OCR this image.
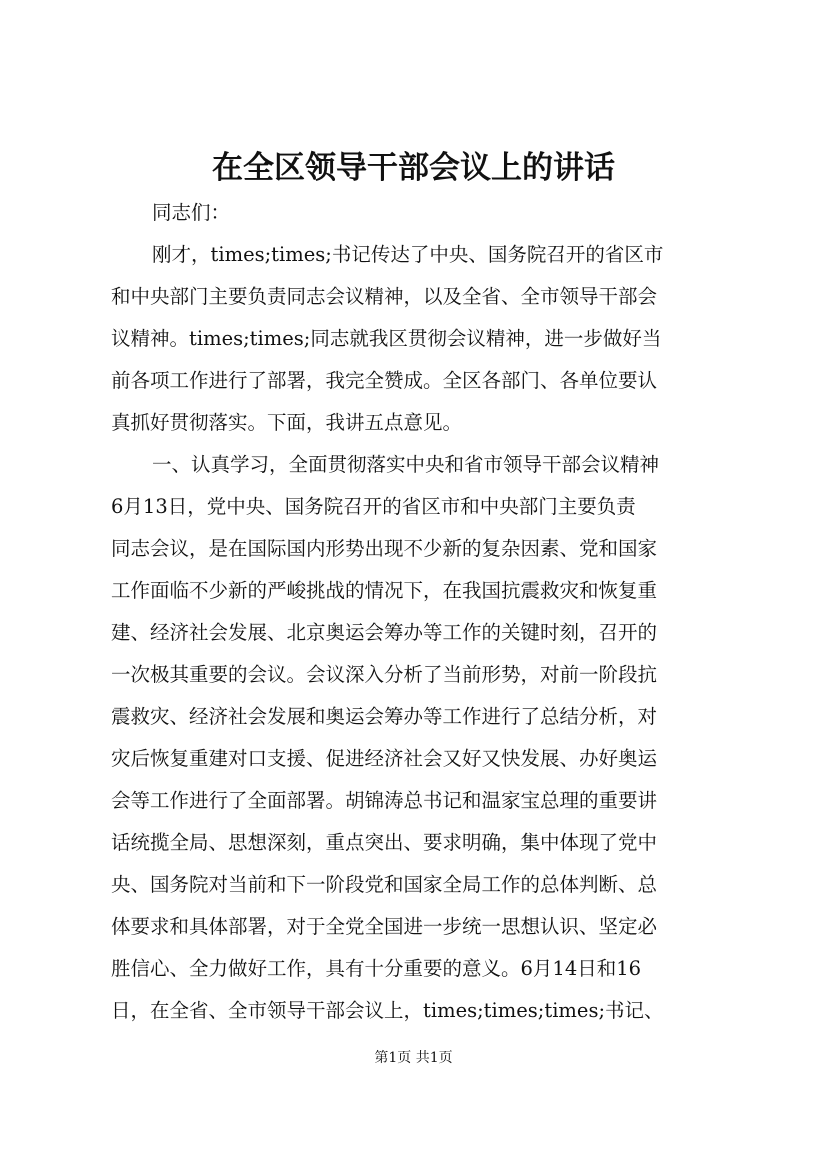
在全区领导干部会议上的讲话

同志们：

刚才，times;times;书记传达了中央、国务院召开的省区市

和中央部门主要负责同志会议精神，以及全省、全市领导干部会

议精神。times;times;同志就我区贯彻会议精神，进一步做好当

前各项工作进行了部署，我完全赞成。全区各部门、各单位要认

真抓好贯彻落实。下面，我讲五点意见。

一、认真学习，全面贯彻落实中央和省市领导干部会议精神

6月13日，党中央、国务院召开的省区市和中央部门主要负责

同志会议，是在国际国内形势出现不少新的复杂因素、党和国家

工作面临不少新的严峻挑战的情况下，在我国抗震救灾和恢复重

建、经济社会发展、北京奥运会筹办等工作的关键时刻，召开的

一次极其重要的会议。会议深入分析了当前形势，对前一阶段抗

震救灾、经济社会发展和奥运会筹办等工作进行了总结分析，对

灾后恢复重建对口支援、促进经济社会又好又快发展、办好奥运

会等工作进行了全面部署。胡锦涛总书记和温家宝总理的重要讲

话统揽全局、思想深刻，重点突出、要求明确，集中体现了党中

央、国务院对当前和下一阶段党和国家全局工作的总体判断、总

体要求和具体部署，对于全党全国进一步统一思想认识、坚定必

胜信心、全力做好工作，具有十分重要的意义。6月14日和16

日，在全省、全市领导干部会议上，times;times;times;书记、

第1页 共1页
